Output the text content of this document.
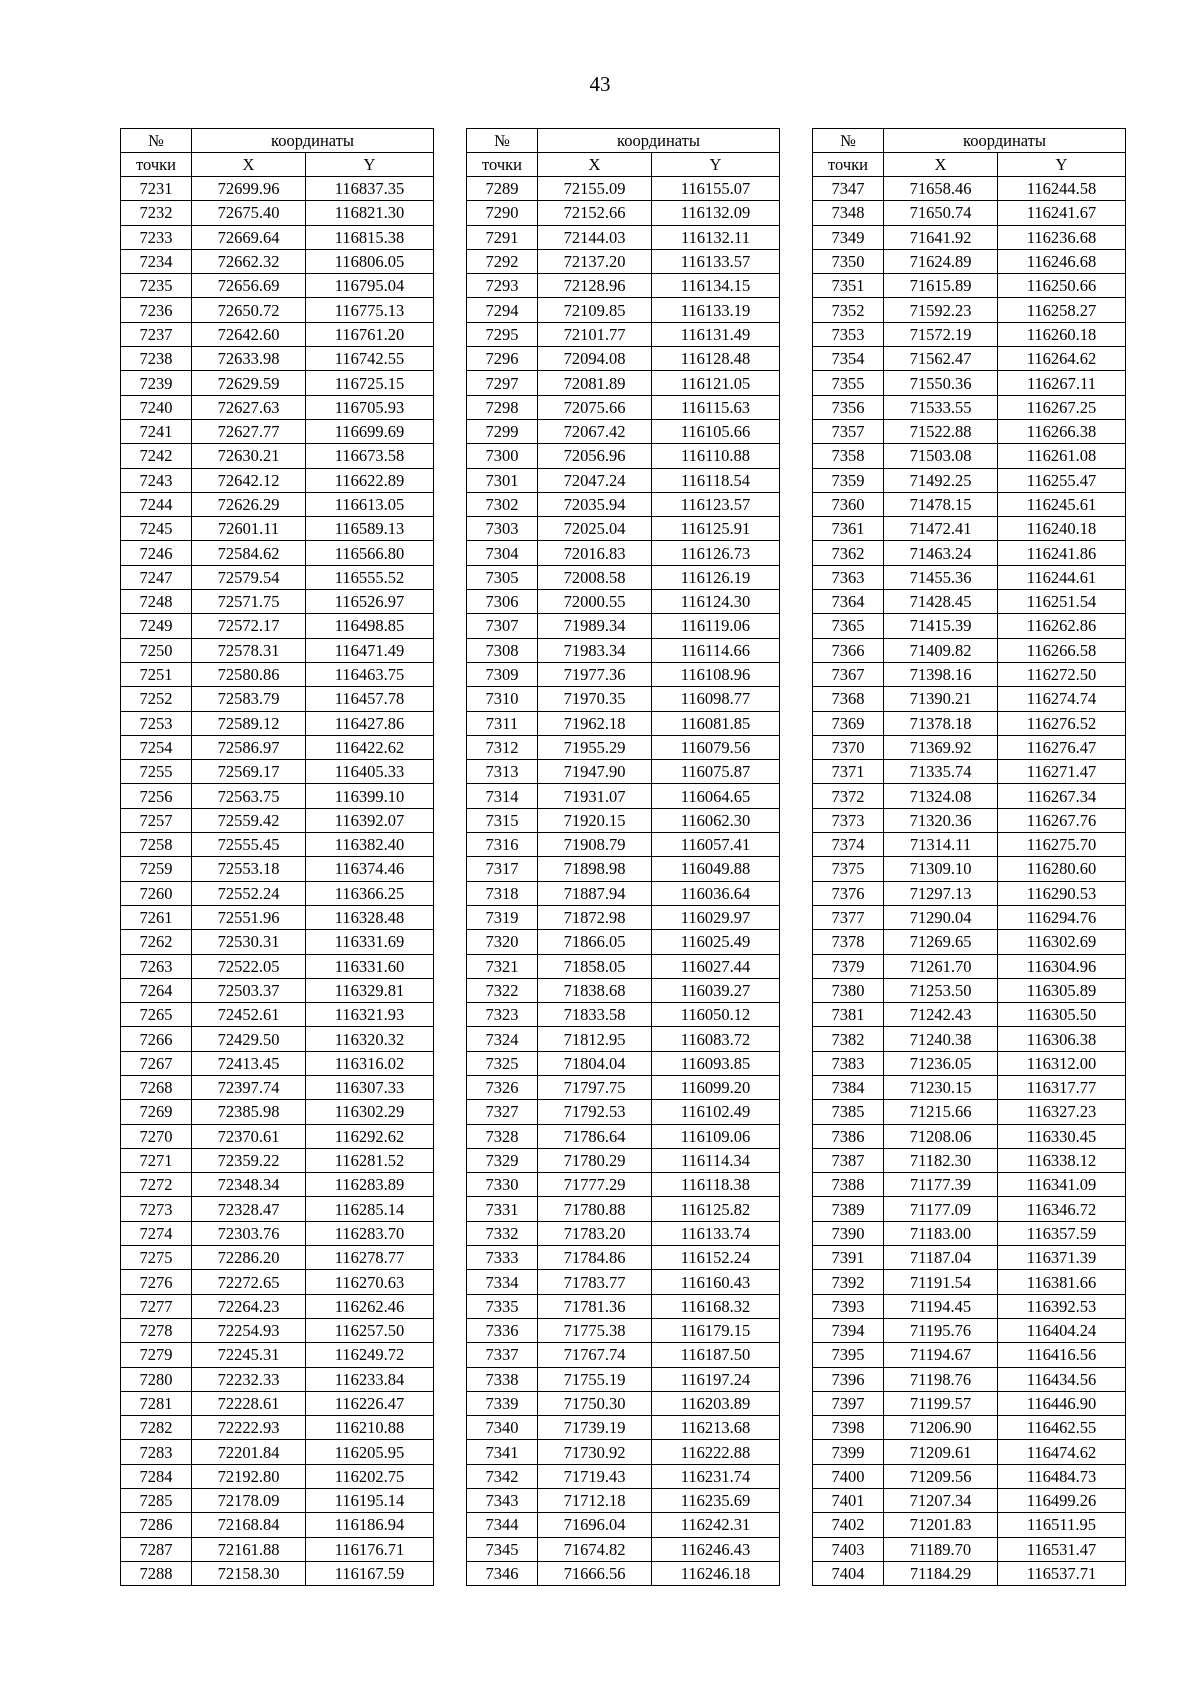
43
№	координаты	
точки	X	Y
7231	72699.96	116837.35
7232	72675.40	116821.30
7233	72669.64	116815.38
7234	72662.32	116806.05
7235	72656.69	116795.04
7236	72650.72	116775.13
7237	72642.60	116761.20
7238	72633.98	116742.55
7239	72629.59	116725.15
7240	72627.63	116705.93
7241	72627.77	116699.69
7242	72630.21	116673.58
7243	72642.12	116622.89
7244	72626.29	116613.05
7245	72601.11	116589.13
7246	72584.62	116566.80
7247	72579.54	116555.52
7248	72571.75	116526.97
7249	72572.17	116498.85
7250	72578.31	116471.49
7251	72580.86	116463.75
7252	72583.79	116457.78
7253	72589.12	116427.86
7254	72586.97	116422.62
7255	72569.17	116405.33
7256	72563.75	116399.10
7257	72559.42	116392.07
7258	72555.45	116382.40
7259	72553.18	116374.46
7260	72552.24	116366.25
7261	72551.96	116328.48
7262	72530.31	116331.69
7263	72522.05	116331.60
7264	72503.37	116329.81
7265	72452.61	116321.93
7266	72429.50	116320.32
7267	72413.45	116316.02
7268	72397.74	116307.33
7269	72385.98	116302.29
7270	72370.61	116292.62
7271	72359.22	116281.52
7272	72348.34	116283.89
7273	72328.47	116285.14
7274	72303.76	116283.70
7275	72286.20	116278.77
7276	72272.65	116270.63
7277	72264.23	116262.46
7278	72254.93	116257.50
7279	72245.31	116249.72
7280	72232.33	116233.84
7281	72228.61	116226.47
7282	72222.93	116210.88
7283	72201.84	116205.95
7284	72192.80	116202.75
7285	72178.09	116195.14
7286	72168.84	116186.94
7287	72161.88	116176.71
7288	72158.30	116167.59
№	координаты	
точки	X	Y
7289	72155.09	116155.07
7290	72152.66	116132.09
7291	72144.03	116132.11
7292	72137.20	116133.57
7293	72128.96	116134.15
7294	72109.85	116133.19
7295	72101.77	116131.49
7296	72094.08	116128.48
7297	72081.89	116121.05
7298	72075.66	116115.63
7299	72067.42	116105.66
7300	72056.96	116110.88
7301	72047.24	116118.54
7302	72035.94	116123.57
7303	72025.04	116125.91
7304	72016.83	116126.73
7305	72008.58	116126.19
7306	72000.55	116124.30
7307	71989.34	116119.06
7308	71983.34	116114.66
7309	71977.36	116108.96
7310	71970.35	116098.77
7311	71962.18	116081.85
7312	71955.29	116079.56
7313	71947.90	116075.87
7314	71931.07	116064.65
7315	71920.15	116062.30
7316	71908.79	116057.41
7317	71898.98	116049.88
7318	71887.94	116036.64
7319	71872.98	116029.97
7320	71866.05	116025.49
7321	71858.05	116027.44
7322	71838.68	116039.27
7323	71833.58	116050.12
7324	71812.95	116083.72
7325	71804.04	116093.85
7326	71797.75	116099.20
7327	71792.53	116102.49
7328	71786.64	116109.06
7329	71780.29	116114.34
7330	71777.29	116118.38
7331	71780.88	116125.82
7332	71783.20	116133.74
7333	71784.86	116152.24
7334	71783.77	116160.43
7335	71781.36	116168.32
7336	71775.38	116179.15
7337	71767.74	116187.50
7338	71755.19	116197.24
7339	71750.30	116203.89
7340	71739.19	116213.68
7341	71730.92	116222.88
7342	71719.43	116231.74
7343	71712.18	116235.69
7344	71696.04	116242.31
7345	71674.82	116246.43
7346	71666.56	116246.18
№	координаты	
точки	X	Y
7347	71658.46	116244.58
7348	71650.74	116241.67
7349	71641.92	116236.68
7350	71624.89	116246.68
7351	71615.89	116250.66
7352	71592.23	116258.27
7353	71572.19	116260.18
7354	71562.47	116264.62
7355	71550.36	116267.11
7356	71533.55	116267.25
7357	71522.88	116266.38
7358	71503.08	116261.08
7359	71492.25	116255.47
7360	71478.15	116245.61
7361	71472.41	116240.18
7362	71463.24	116241.86
7363	71455.36	116244.61
7364	71428.45	116251.54
7365	71415.39	116262.86
7366	71409.82	116266.58
7367	71398.16	116272.50
7368	71390.21	116274.74
7369	71378.18	116276.52
7370	71369.92	116276.47
7371	71335.74	116271.47
7372	71324.08	116267.34
7373	71320.36	116267.76
7374	71314.11	116275.70
7375	71309.10	116280.60
7376	71297.13	116290.53
7377	71290.04	116294.76
7378	71269.65	116302.69
7379	71261.70	116304.96
7380	71253.50	116305.89
7381	71242.43	116305.50
7382	71240.38	116306.38
7383	71236.05	116312.00
7384	71230.15	116317.77
7385	71215.66	116327.23
7386	71208.06	116330.45
7387	71182.30	116338.12
7388	71177.39	116341.09
7389	71177.09	116346.72
7390	71183.00	116357.59
7391	71187.04	116371.39
7392	71191.54	116381.66
7393	71194.45	116392.53
7394	71195.76	116404.24
7395	71194.67	116416.56
7396	71198.76	116434.56
7397	71199.57	116446.90
7398	71206.90	116462.55
7399	71209.61	116474.62
7400	71209.56	116484.73
7401	71207.34	116499.26
7402	71201.83	116511.95
7403	71189.70	116531.47
7404	71184.29	116537.71
